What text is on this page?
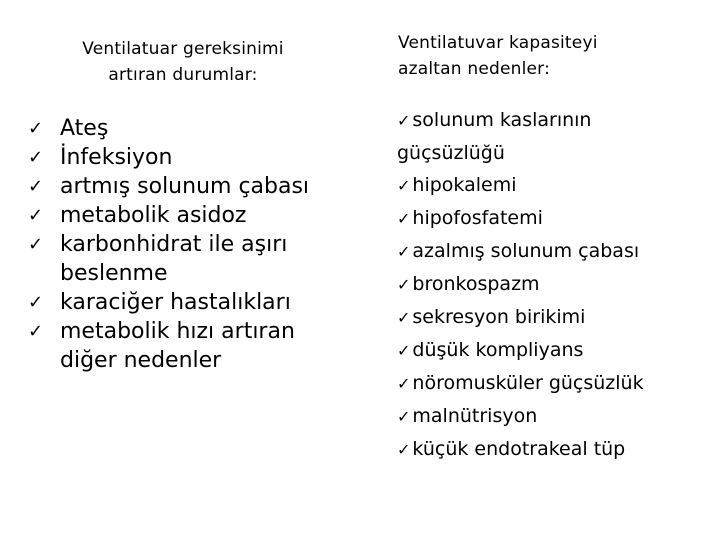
Ventilatuar gereksinimi
artıran durumlar:
✓ Ateş
✓ İnfeksiyon
✓ artmış solunum çabası
✓ metabolik asidoz
✓ karbonhidrat ile aşırı beslenme
✓ karaciğer hastalıkları
✓ metabolik hızı artıran diğer nedenler
Ventilatuvar kapasiteyi
azaltan nedenler:
✓ solunum kaslarının
güçsüzlüğü
✓ hipokalemi
✓ hipofosfatemi
✓ azalmış solunum çabası
✓ bronkospazm
✓ sekresyon birikimi
✓ düşük kompliyans
✓ nöromusküler güçsüzlük
✓ malnütrisyon
✓ küçük endotrakeal tüp
